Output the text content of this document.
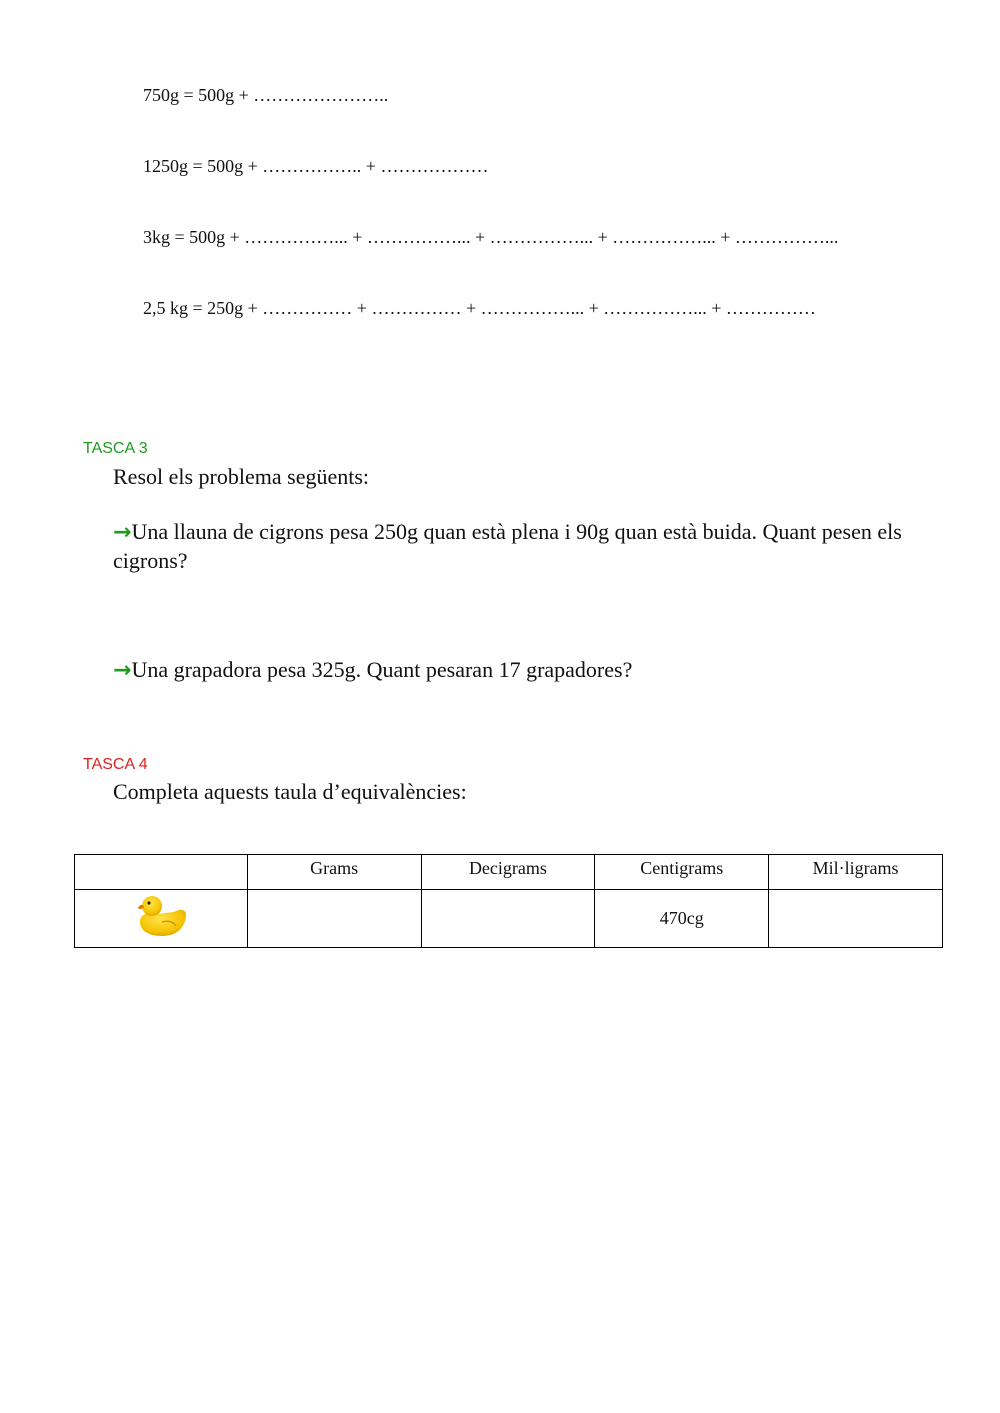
750g = 500g + …………………..
1250g = 500g + …………….. + ………………
3kg = 500g + ……………... + ……………... + ……………... + ……………... + ……………...
2,5 kg = 250g + …………… + …………… + ……………... + ……………... + ……………
TASCA 3
Resol els problema següents:
→Una llauna de cigrons pesa 250g quan està plena i 90g quan està buida. Quant pesen els cigrons?
→Una grapadora pesa 325g. Quant pesaran 17 grapadores?
TASCA 4
Completa aquests taula d’equivalències:
	Grams	Decigrams	Centigrams	Mil·ligrams
			470cg	
